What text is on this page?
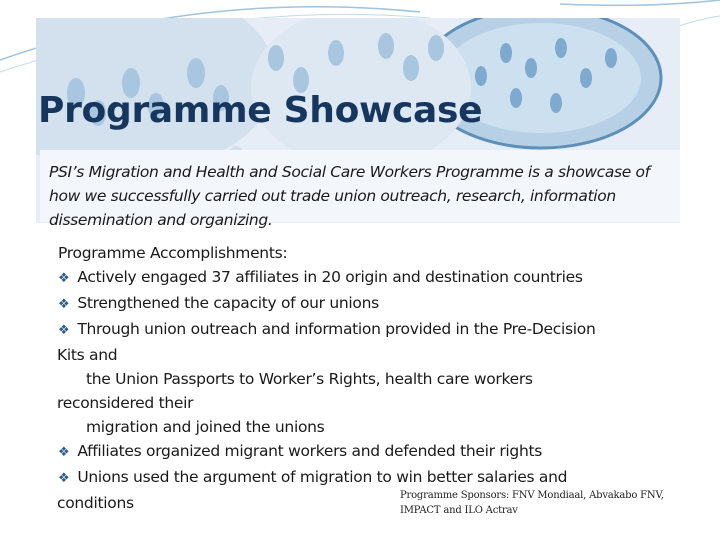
Programme Showcase

PSI’s Migration and Health and Social Care Workers Programme is a showcase of how we successfully carried out trade union outreach, research, information dissemination and organizing.

Programme Accomplishments:
❖ Actively engaged 37 affiliates in 20 origin and destination countries
❖ Strengthened the capacity of our unions
❖ Through union outreach and information provided in the Pre-Decision
Kits and
the Union Passports to Worker’s Rights, health care workers
reconsidered their
migration and joined the unions
❖ Affiliates organized migrant workers and defended their rights
❖ Unions used the argument of migration to win better salaries and
conditions	Programme Sponsors: FNV Mondiaal, Abvakabo FNV,
IMPACT and ILO Actrav
